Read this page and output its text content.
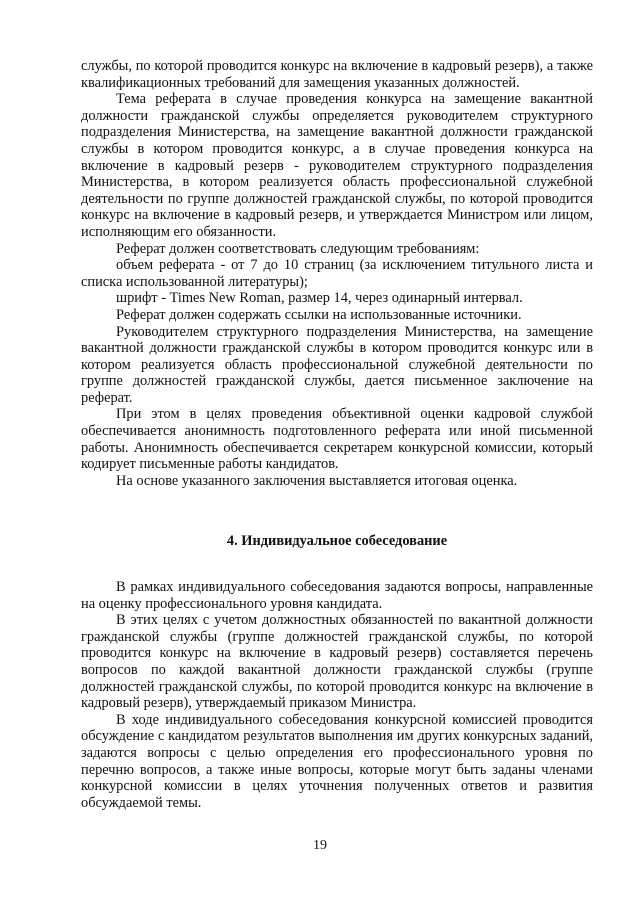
службы, по которой проводится конкурс на включение в кадровый резерв), а также квалификационных требований для замещения указанных должностей.

Тема реферата в случае проведения конкурса на замещение вакантной должности гражданской службы определяется руководителем структурного подразделения Министерства, на замещение вакантной должности гражданской службы в котором проводится конкурс, а в случае проведения конкурса на включение в кадровый резерв - руководителем структурного подразделения Министерства, в котором реализуется область профессиональной служебной деятельности по группе должностей гражданской службы, по которой проводится конкурс на включение в кадровый резерв, и утверждается Министром или лицом, исполняющим его обязанности.

Реферат должен соответствовать следующим требованиям:

объем реферата - от 7 до 10 страниц (за исключением титульного листа и списка использованной литературы);

шрифт - Times New Roman, размер 14, через одинарный интервал.

Реферат должен содержать ссылки на использованные источники.

Руководителем структурного подразделения Министерства, на замещение вакантной должности гражданской службы в котором проводится конкурс или в котором реализуется область профессиональной служебной деятельности по группе должностей гражданской службы, дается письменное заключение на реферат.

При этом в целях проведения объективной оценки кадровой службой обеспечивается анонимность подготовленного реферата или иной письменной работы. Анонимность обеспечивается секретарем конкурсной комиссии, который кодирует письменные работы кандидатов.

На основе указанного заключения выставляется итоговая оценка.

4. Индивидуальное собеседование

В рамках индивидуального собеседования задаются вопросы, направленные на оценку профессионального уровня кандидата.

В этих целях с учетом должностных обязанностей по вакантной должности гражданской службы (группе должностей гражданской службы, по которой проводится конкурс на включение в кадровый резерв) составляется перечень вопросов по каждой вакантной должности гражданской службы (группе должностей гражданской службы, по которой проводится конкурс на включение в кадровый резерв), утверждаемый приказом Министра.

В ходе индивидуального собеседования конкурсной комиссией проводится обсуждение с кандидатом результатов выполнения им других конкурсных заданий, задаются вопросы с целью определения его профессионального уровня по перечню вопросов, а также иные вопросы, которые могут быть заданы членами конкурсной комиссии в целях уточнения полученных ответов и развития обсуждаемой темы.

19
